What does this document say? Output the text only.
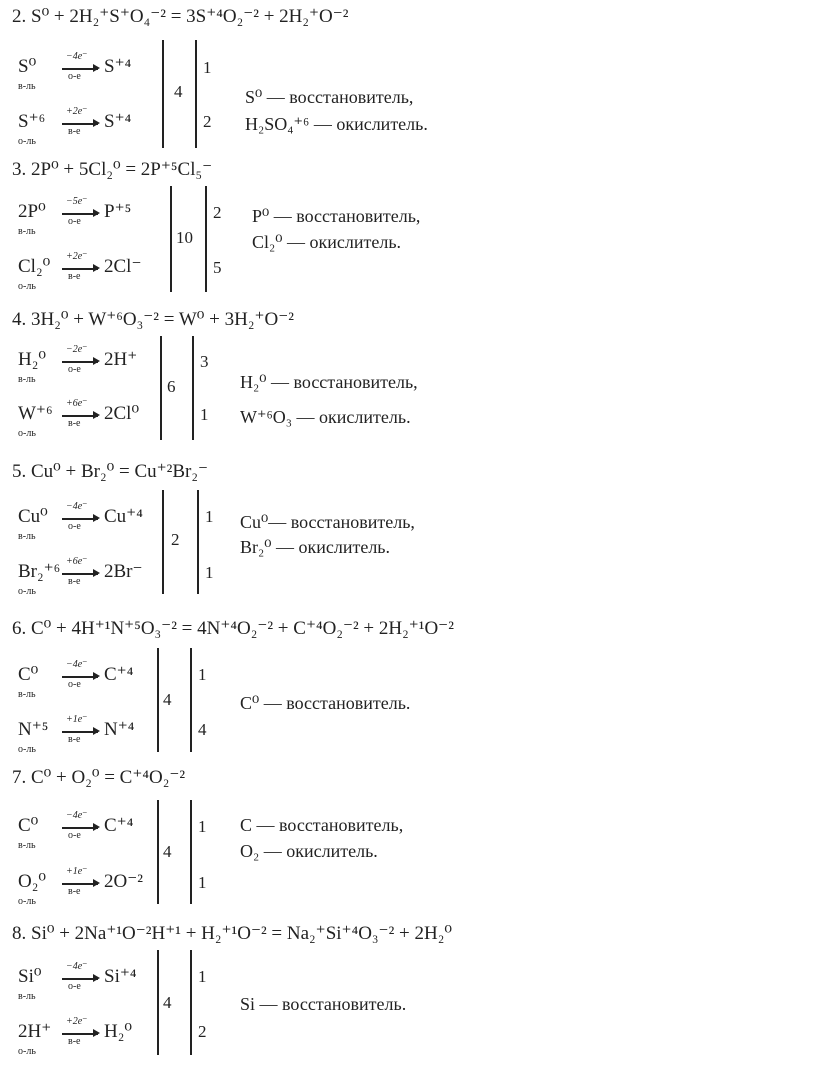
2. S⁰ + 2H₂⁺S⁺O₄⁻² = 3S⁺⁴O₂⁻² + 2H₂⁺O⁻²
S⁰
в-ль
−4e⁻
о-е S⁺⁴
S⁺⁶
о-ль
+2e⁻
в-е S⁺⁴
4
1
2
S⁰ — восстановитель,
H₂SO₄⁺⁶ — окислитель.
3. 2P⁰ + 5Cl₂⁰ = 2P⁺⁵Cl₅⁻
2P⁰
в-ль
−5e⁻
о-е P⁺⁵
Cl₂⁰
о-ль
+2e⁻
в-е 2Cl⁻
10
2
5
P⁰ — восстановитель,
Cl₂⁰ — окислитель.
4. 3H₂⁰ + W⁺⁶O₃⁻² = W⁰ + 3H₂⁺O⁻²
H₂⁰
в-ль
−2e⁻
о-е 2H⁺
W⁺⁶
о-ль
+6e⁻
в-е 2Cl⁰
6
3
1
H₂⁰ — восстановитель,
W⁺⁶O₃ — окислитель.
5. Cu⁰ + Br₂⁰ = Cu⁺²Br₂⁻
Cu⁰
в-ль
−4e⁻
о-е Cu⁺⁴
Br₂⁺⁶
о-ль
+6e⁻
в-е 2Br⁻
2
1
1
Cu⁰— восстановитель,
Br₂⁰ — окислитель.
6. C⁰ + 4H⁺¹N⁺⁵O₃⁻² = 4N⁺⁴O₂⁻² + C⁺⁴O₂⁻² + 2H₂⁺¹O⁻²
C⁰
в-ль
−4e⁻
о-е C⁺⁴
N⁺⁵
о-ль
+1e⁻
в-е N⁺⁴
4
1
4
C⁰ — восстановитель.
7. C⁰ + O₂⁰ = C⁺⁴O₂⁻²
C⁰
в-ль
−4e⁻
о-е C⁺⁴
O₂⁰
о-ль
+1e⁻
в-е 2O⁻²
4
1
1
C — восстановитель,
O₂ — окислитель.
8. Si⁰ + 2Na⁺¹O⁻²H⁺¹ + H₂⁺¹O⁻² = Na₂⁺Si⁺⁴O₃⁻² + 2H₂⁰
Si⁰
в-ль
−4e⁻
о-е Si⁺⁴
2H⁺
о-ль
+2e⁻
в-е H₂⁰
4
1
2
Si — восстановитель.
